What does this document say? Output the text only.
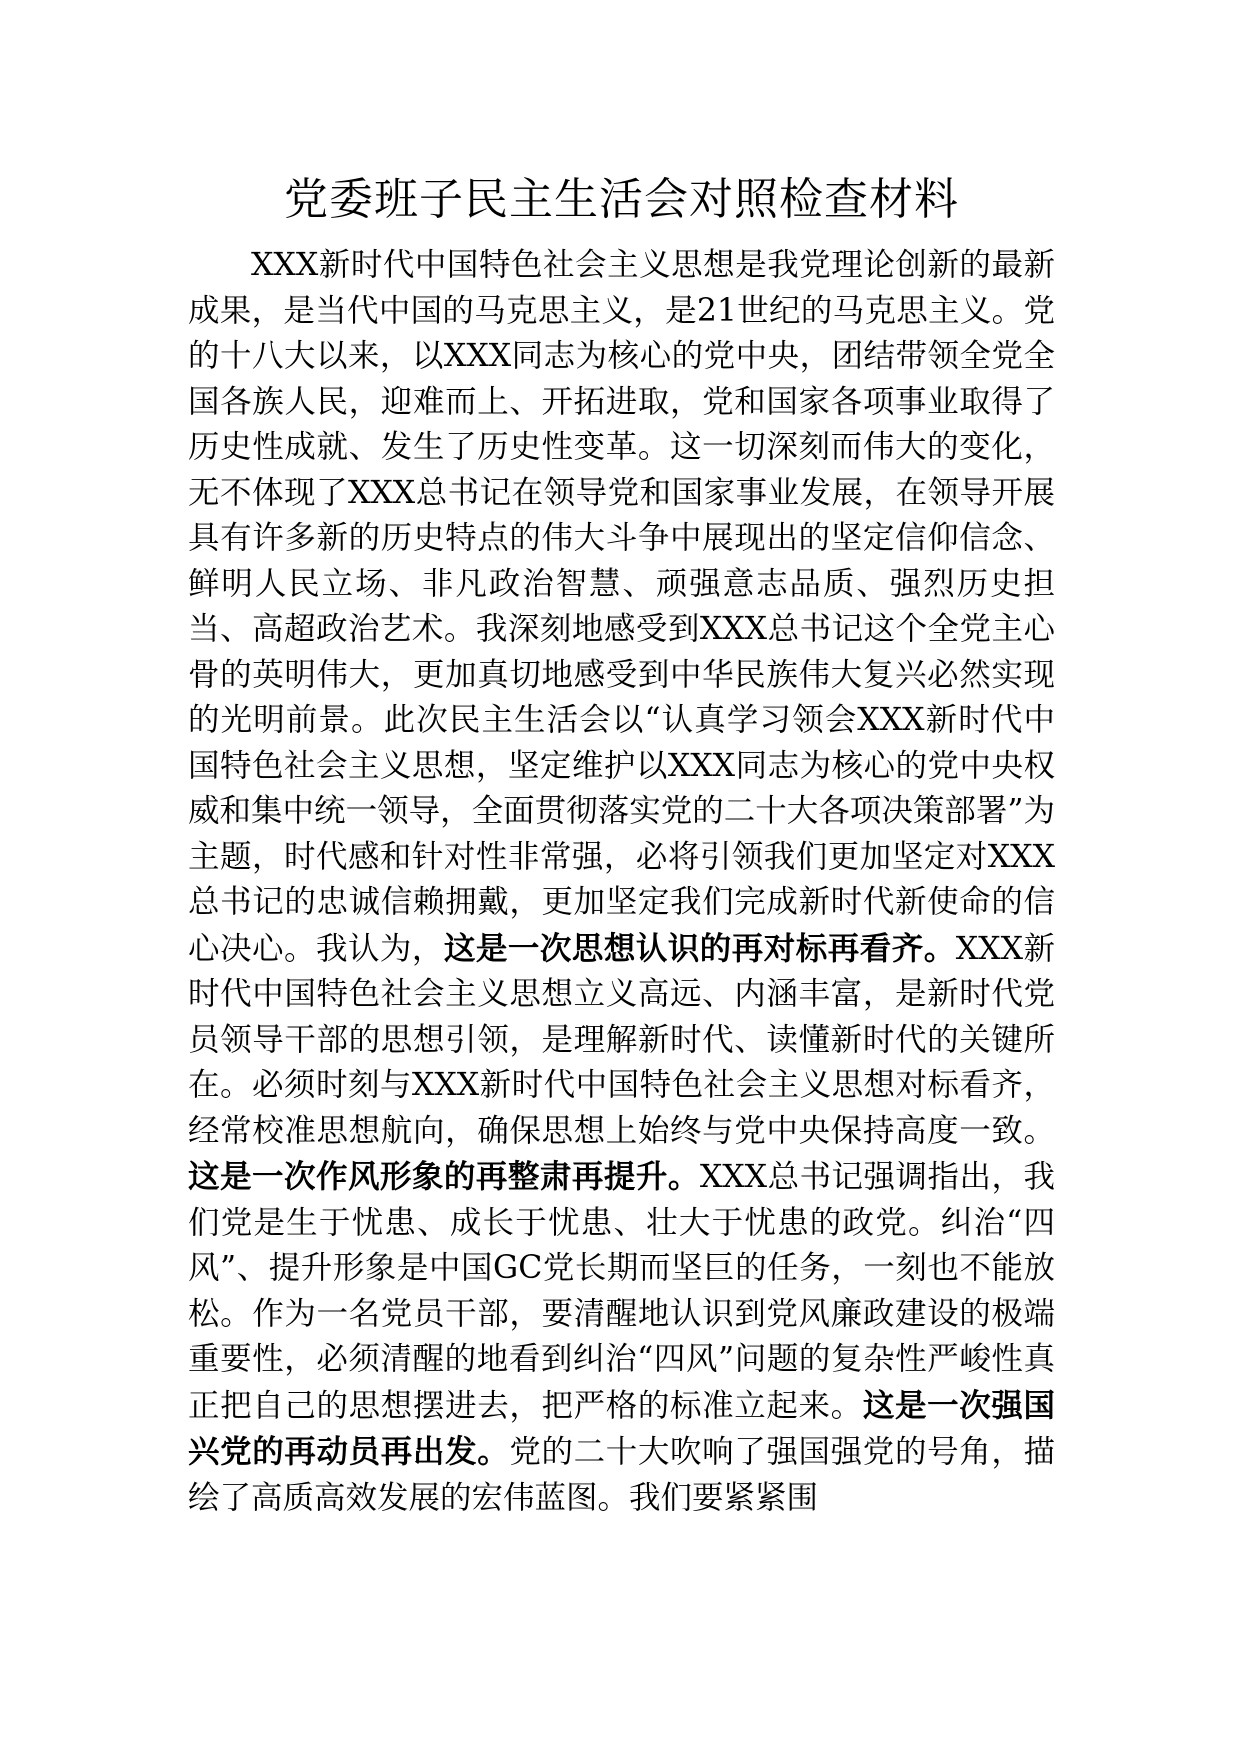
党委班子民主生活会对照检查材料

XXX新时代中国特色社会主义思想是我党理论创新的最新成果，是当代中国的马克思主义，是21世纪的马克思主义。党的十八大以来，以XXX同志为核心的党中央，团结带领全党全国各族人民，迎难而上、开拓进取，党和国家各项事业取得了历史性成就、发生了历史性变革。这一切深刻而伟大的变化，无不体现了XXX总书记在领导党和国家事业发展，在领导开展具有许多新的历史特点的伟大斗争中展现出的坚定信仰信念、鲜明人民立场、非凡政治智慧、顽强意志品质、强烈历史担当、高超政治艺术。我深刻地感受到XXX总书记这个全党主心骨的英明伟大，更加真切地感受到中华民族伟大复兴必然实现的光明前景。此次民主生活会以“认真学习领会XXX新时代中国特色社会主义思想，坚定维护以XXX同志为核心的党中央权威和集中统一领导，全面贯彻落实党的二十大各项决策部署”为主题，时代感和针对性非常强，必将引领我们更加坚定对XXX总书记的忠诚信赖拥戴，更加坚定我们完成新时代新使命的信心决心。我认为，这是一次思想认识的再对标再看齐。XXX新时代中国特色社会主义思想立义高远、内涵丰富，是新时代党员领导干部的思想引领，是理解新时代、读懂新时代的关键所在。必须时刻与XXX新时代中国特色社会主义思想对标看齐，经常校准思想航向，确保思想上始终与党中央保持高度一致。这是一次作风形象的再整肃再提升。XXX总书记强调指出，我们党是生于忧患、成长于忧患、壮大于忧患的政党。纠治“四风”、提升形象是中国GC党长期而坚巨的任务，一刻也不能放松。作为一名党员干部，要清醒地认识到党风廉政建设的极端重要性，必须清醒的地看到纠治“四风”问题的复杂性严峻性真正把自己的思想摆进去，把严格的标准立起来。这是一次强国兴党的再动员再出发。党的二十大吹响了强国强党的号角，描绘了高质高效发展的宏伟蓝图。我们要紧紧围
